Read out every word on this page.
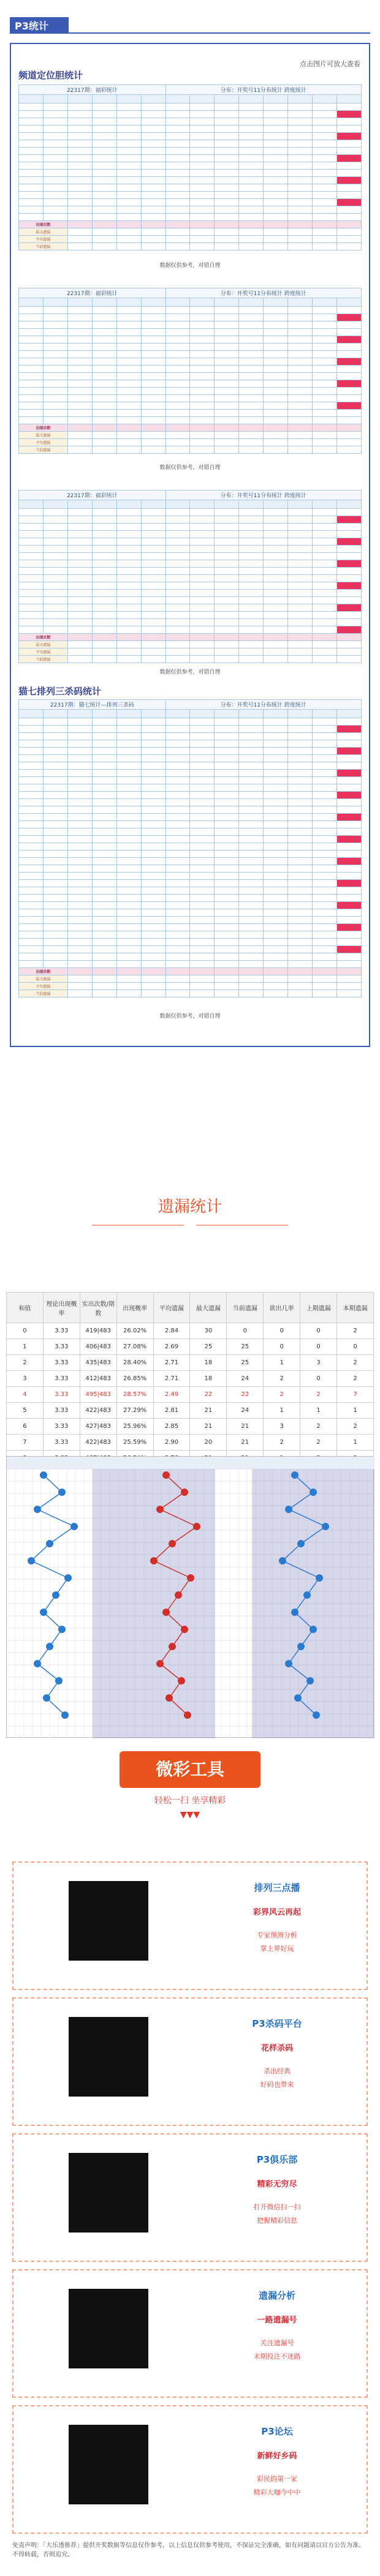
P3统计
频道定位胆统计
点击图片可放大查看
22317期：福彩统计						分布：开奖号11分布统计 跨度统计							

出现次数													
最大遗漏													
平均遗漏													
当前遗漏													
数据仅供参考，对错自理
22317期：福彩统计						分布：开奖号11分布统计 跨度统计							

出现次数													
最大遗漏													
平均遗漏													
当前遗漏													
数据仅供参考，对错自理
22317期：福彩统计						分布：开奖号11分布统计 跨度统计							

出现次数													
最大遗漏													
平均遗漏													
当前遗漏													
数据仅供参考，对错自理
猫七排列三杀码统计
22317期：猫七统计—排列三杀码						分布：开奖号11分布统计 跨度统计							

出现次数													
最大遗漏													
平均遗漏													
当前遗漏													
数据仅供参考，对错自理
遗漏统计
和值	理论出现概率	实出次数/期数	出现概率	平均遗漏	最大遗漏	当前遗漏	欲出几率	上期遗漏	本期遗漏
0	3.33	419|483	26.02%	2.84	30	0	0	0	2
1	3.33	406|483	27.08%	2.69	25	25	0	0	0
2	3.33	435|483	28.40%	2.71	18	25	1	3	2
3	3.33	412|483	26.85%	2.71	18	24	2	0	2
4	3.33	495|483	28.57%	2.49	22	22	2	2	7
5	3.33	422|483	27.29%	2.81	21	24	1	1	1
6	3.33	427|483	25.96%	2.85	21	21	3	2	2
7	3.33	422|483	25.59%	2.90	20	21	2	2	1

微彩工具
轻松一扫 坐享精彩
▼▼▼
排列三点播
彩界风云再起
专家预测分析
掌上界好玩
P3杀码平台
花样杀码
杀出经典
好码也带来
P3俱乐部
精彩无穷尽
打开微信扫一扫
把握精彩信息
遗漏分析
一路遗漏号
关注遗漏号
末期投注不迷路
P3论坛
新鲜好乡码
彩民的第一家
精彩大咖今中中
免责声明：「大乐透推荐」提供开奖数据等信息仅作参考，以上信息仅供参考使用，不保证完全准确，如有问题请以官方公告为准。不得转载，否则追究。
